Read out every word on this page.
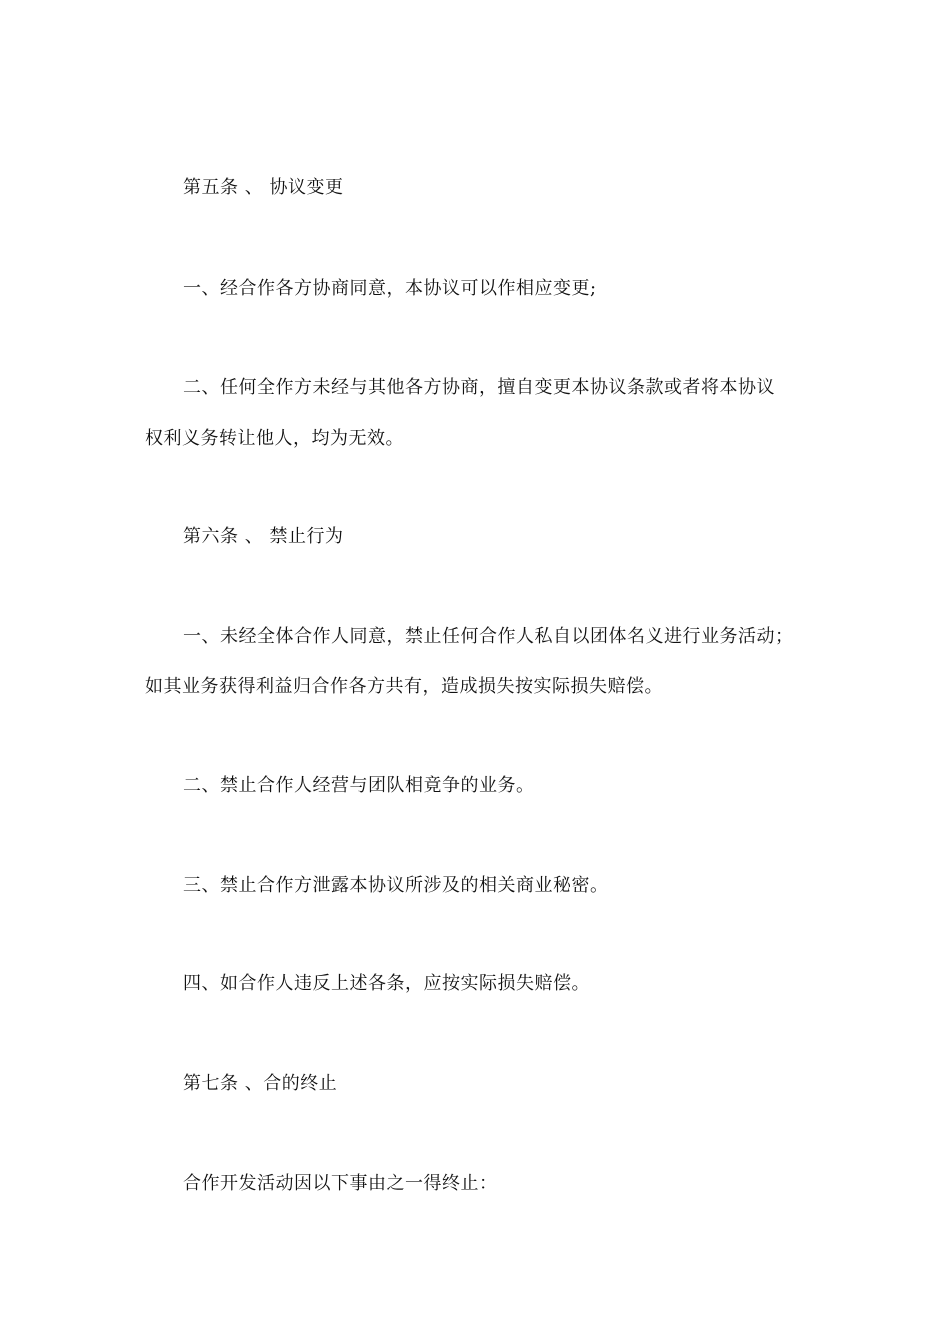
第五条 、 协议变更
一、经合作各方协商同意，本协议可以作相应变更;
二、任何全作方未经与其他各方协商，擅自变更本协议条款或者将本协议
权利义务转让他人，均为无效。
第六条 、 禁止行为
一、未经全体合作人同意，禁止任何合作人私自以团体名义进行业务活动；
如其业务获得利益归合作各方共有，造成损失按实际损失赔偿。
二、禁止合作人经营与团队相竟争的业务。
三、禁止合作方泄露本协议所涉及的相关商业秘密。
四、如合作人违反上述各条，应按实际损失赔偿。
第七条 、合的终止
合作开发活动因以下事由之一得终止：
